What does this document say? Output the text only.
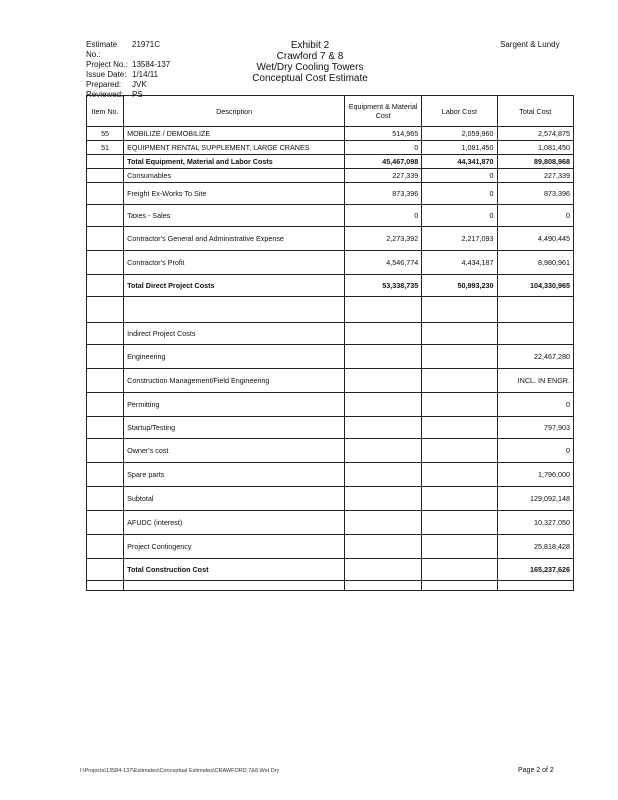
Estimate No.:
21971C
Project No.: 13584-137
Issue Date: 1/14/11
Prepared:	JVK
Reviewed:	PS
Exhibit 2
Crawford 7 & 8
Wet/Dry Cooling Towers
Conceptual Cost Estimate
Sargent & Lundy
Item No.	Description	Equipment & Material Cost	Labor Cost	Total Cost
55	MOBILIZE / DEMOBILIZE	514,965	2,059,960	2,574,875
51	EQUIPMENT RENTAL SUPPLEMENT, LARGE CRANES	0	1,081,450	1,081,450
	Total Equipment, Material and Labor Costs	45,467,098	44,341,870	89,808,968
	Consumables	227,339	0	227,339
	Freight Ex-Works To Site	873,396	0	873,396
	Taxes - Sales	0	0	0
	Contractor's General and Administrative Expense	2,273,392	2,217,093	4,490,445
	Contractor's Profit	4,546,774	4,434,187	8,980,961
	Total Direct Project Costs	53,338,735	50,993,230	104,330,965

	Indirect Project Costs			
	Engineering			22,467,280
	Construction Management/Field Engineering			INCL. IN ENGR.
	Permitting			0
	Startup/Testing			797,903
	Owner's cost			0
	Spare parts			1,796,000
	Subtotal			129,092,148
	AFUDC (interest)			10,327,050
	Project Contingency			25,818,428
	Total Construction Cost			165,237,626

I:\Projects\13584-137\Estimates\Conceptual Estimates\CRAWFORD 7&8 Wet Dry	Page 2 of 2
